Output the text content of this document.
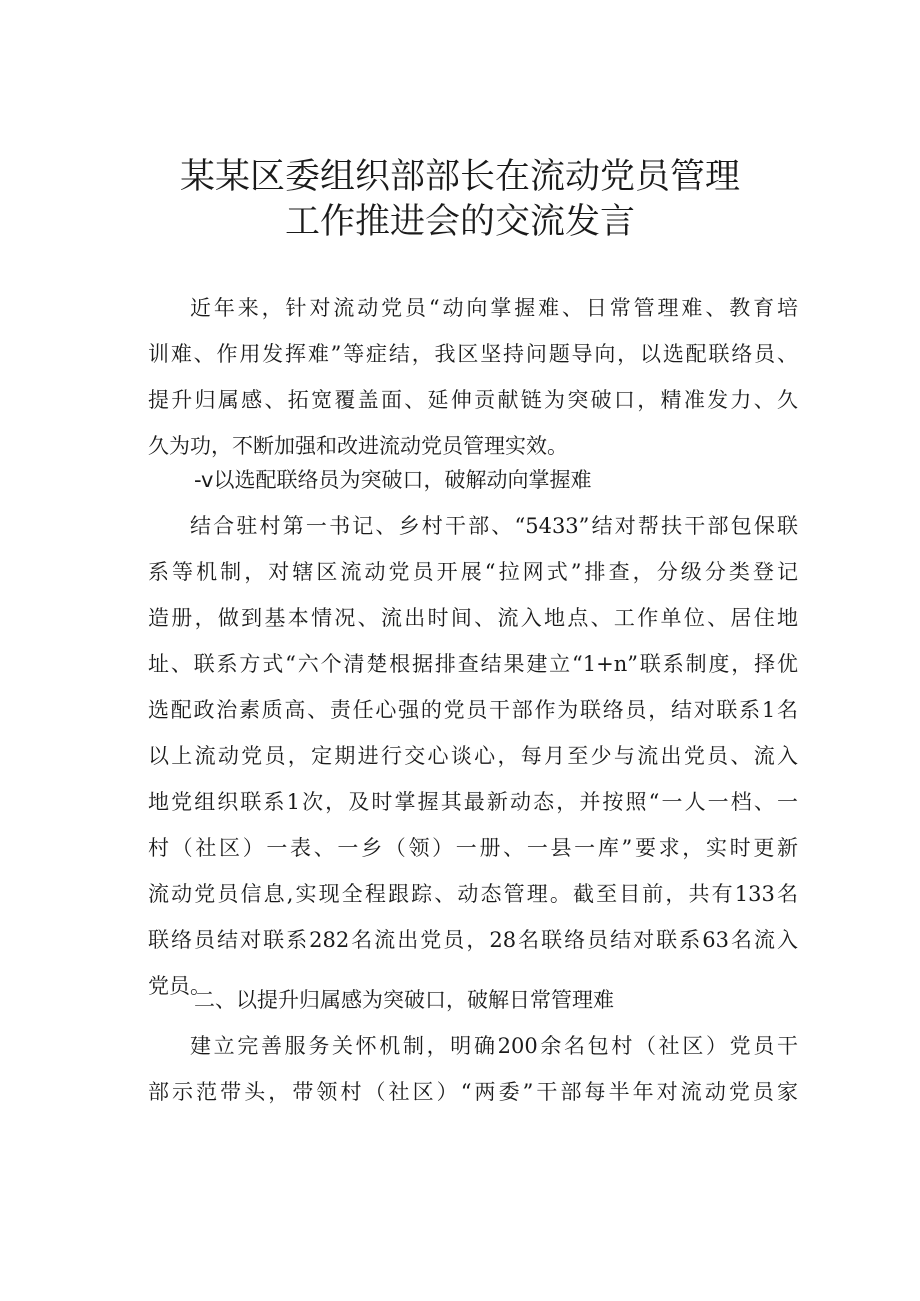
某某区委组织部部长在流动党员管理
工作推进会的交流发言
近年来，针对流动党员“动向掌握难、日常管理难、教育培
训难、作用发挥难”等症结，我区坚持问题导向，以选配联络员、
提升归属感、拓宽覆盖面、延伸贡献链为突破口，精准发力、久
久为功，不断加强和改进流动党员管理实效。
-v以选配联络员为突破口，破解动向掌握难
结合驻村第一书记、乡村干部、“5433”结对帮扶干部包保联
系等机制，对辖区流动党员开展“拉网式”排查，分级分类登记
造册，做到基本情况、流出时间、流入地点、工作单位、居住地
址、联系方式“六个清楚根据排查结果建立“1+n”联系制度，择优
选配政治素质高、责任心强的党员干部作为联络员，结对联系1名
以上流动党员，定期进行交心谈心，每月至少与流出党员、流入
地党组织联系1次，及时掌握其最新动态，并按照“一人一档、一
村（社区）一表、一乡（领）一册、一县一库”要求，实时更新
流动党员信息,实现全程跟踪、动态管理。截至目前，共有133名
联络员结对联系282名流出党员，28名联络员结对联系63名流入
党员。
二、以提升归属感为突破口，破解日常管理难
建立完善服务关怀机制，明确200余名包村（社区）党员干
部示范带头，带领村（社区）“两委”干部每半年对流动党员家
